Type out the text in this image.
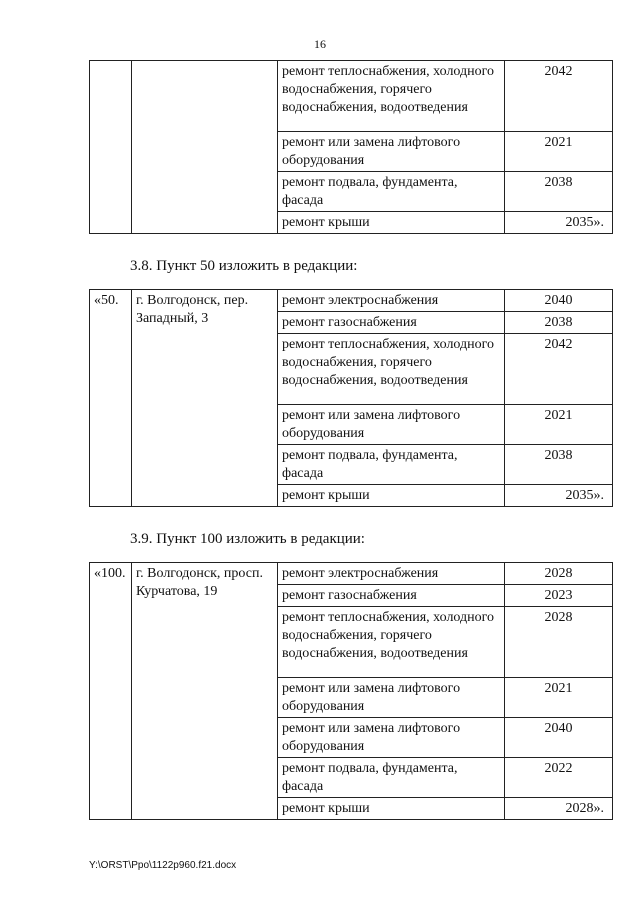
16
		ремонт теплоснабжения, холодного водоснабжения, горячего водоснабжения, водоотведения	2042
		ремонт или замена лифтового оборудования	2021
		ремонт подвала, фундамента, фасада	2038
		ремонт крыши	2035».
3.8. Пункт 50 изложить в редакции:
«50.	г. Волгодонск, пер. Западный, 3	ремонт электроснабжения	2040
		ремонт газоснабжения	2038
		ремонт теплоснабжения, холодного водоснабжения, горячего водоснабжения, водоотведения	2042
		ремонт или замена лифтового оборудования	2021
		ремонт подвала, фундамента, фасада	2038
		ремонт крыши	2035».
3.9. Пункт 100 изложить в редакции:
«100.	г. Волгодонск, просп. Курчатова, 19	ремонт электроснабжения	2028
		ремонт газоснабжения	2023
		ремонт теплоснабжения, холодного водоснабжения, горячего водоснабжения, водоотведения	2028
		ремонт или замена лифтового оборудования	2021
		ремонт или замена лифтового оборудования	2040
		ремонт подвала, фундамента, фасада	2022
		ремонт крыши	2028».
Y:\ORST\Ppo\1122p960.f21.docx
